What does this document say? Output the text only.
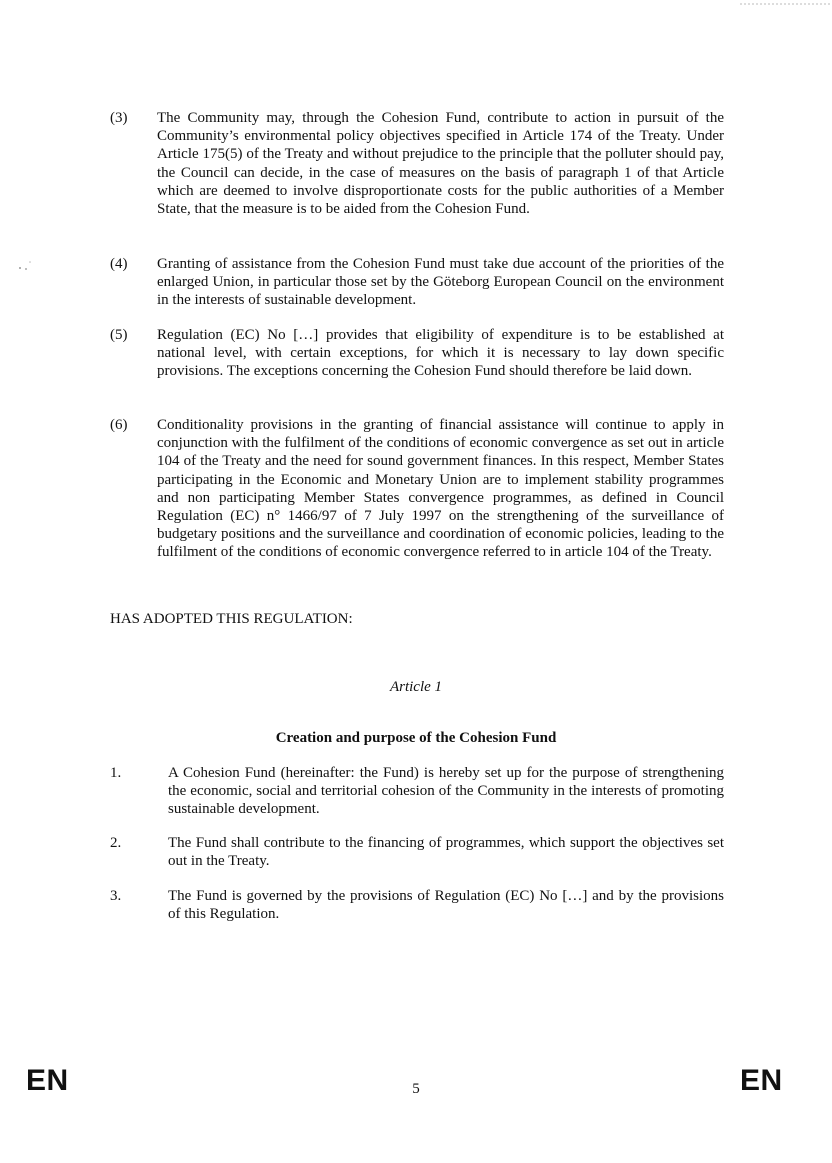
(3)	The Community may, through the Cohesion Fund, contribute to action in pursuit of the Community’s environmental policy objectives specified in Article 174 of the Treaty. Under Article 175(5) of the Treaty and without prejudice to the principle that the polluter should pay, the Council can decide, in the case of measures on the basis of paragraph 1 of that Article which are deemed to involve disproportionate costs for the public authorities of a Member State, that the measure is to be aided from the Cohesion Fund.
(4)	Granting of assistance from the Cohesion Fund must take due account of the priorities of the enlarged Union, in particular those set by the Göteborg European Council on the environment in the interests of sustainable development.
(5)	Regulation (EC) No […] provides that eligibility of expenditure is to be established at national level, with certain exceptions, for which it is necessary to lay down specific provisions. The exceptions concerning the Cohesion Fund should therefore be laid down.
(6)	Conditionality provisions in the granting of financial assistance will continue to apply in conjunction with the fulfilment of the conditions of economic convergence as set out in article 104 of the Treaty and the need for sound government finances. In this respect, Member States participating in the Economic and Monetary Union are to implement stability programmes and non participating Member States convergence programmes, as defined in Council Regulation (EC) n° 1466/97 of 7 July 1997 on the strengthening of the surveillance of budgetary positions and the surveillance and coordination of economic policies, leading to the fulfilment of the conditions of economic convergence referred to in article 104 of the Treaty.
HAS ADOPTED THIS REGULATION:
Article 1
Creation and purpose of the Cohesion Fund
1.	A Cohesion Fund (hereinafter: the Fund) is hereby set up for the purpose of strengthening the economic, social and territorial cohesion of the Community in the interests of promoting sustainable development.
2.	The Fund shall contribute to the financing of programmes, which support the objectives set out in the Treaty.
3.	The Fund is governed by the provisions of Regulation (EC) No […] and by the provisions of this Regulation.
EN	5	EN
